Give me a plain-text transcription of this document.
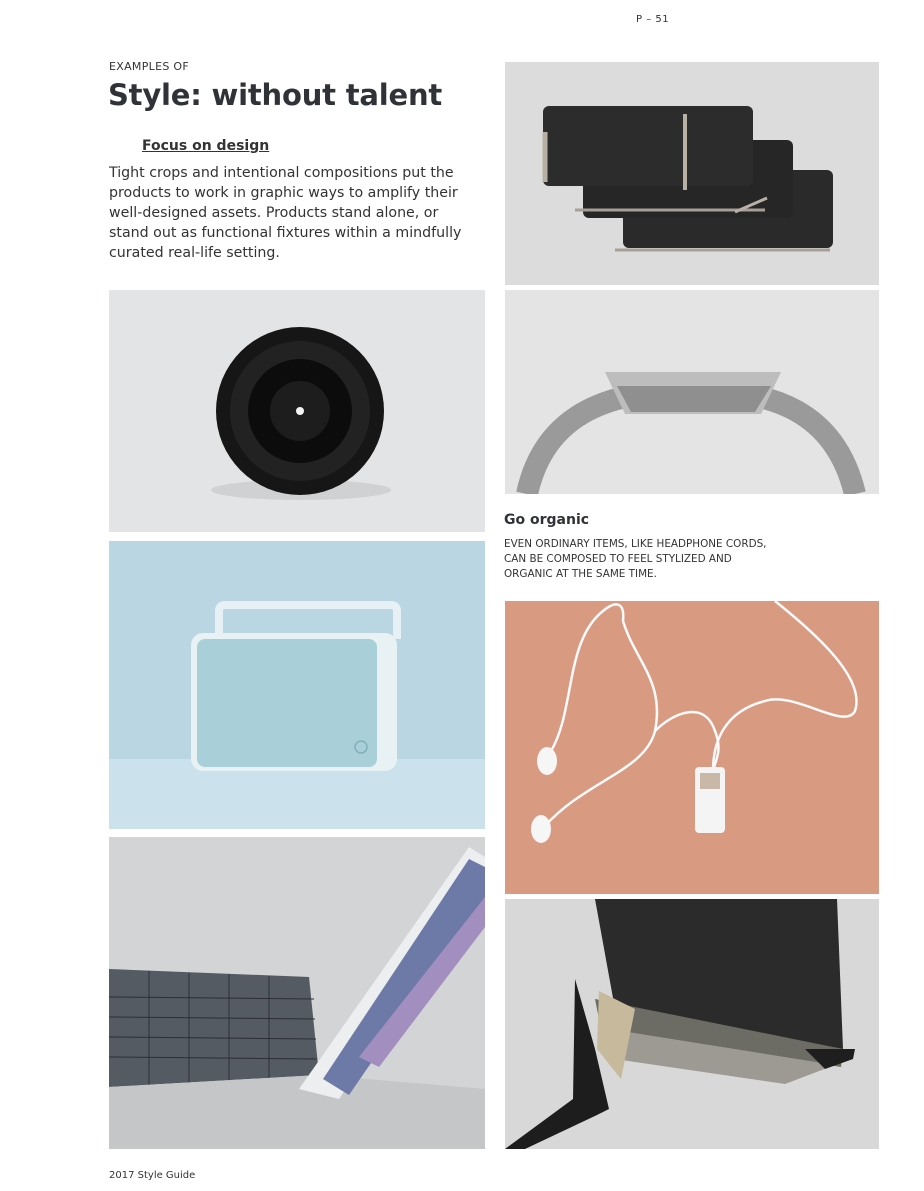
P – 51
EXAMPLES OF
Style: without talent
Focus on design

Tight crops and intentional compositions put the products to work in graphic ways to amplify their well-designed assets. Products stand alone, or stand out as functional fixtures within a mindfully curated real-life setting.

Go organic

EVEN ORDINARY ITEMS, LIKE HEADPHONE CORDS, CAN BE COMPOSED TO FEEL STYLIZED AND ORGANIC AT THE SAME TIME.

2017 Style Guide
